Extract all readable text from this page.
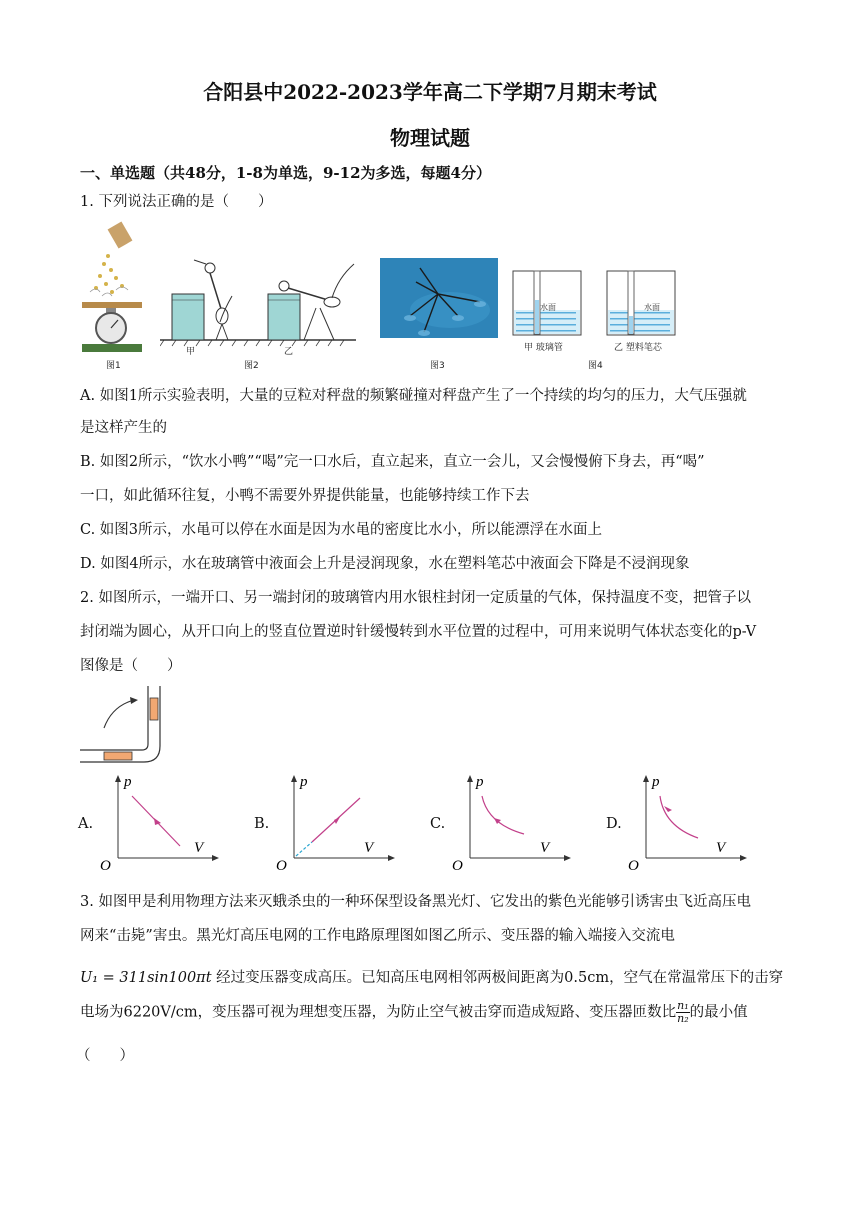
合阳县中2022-2023学年高二下学期7月期末考试
物理试题
一、单选题（共48分，1-8为单选，9-12为多选，每题4分）
1. 下列说法正确的是（　　）
图1
甲	乙
图2	图3
水面
甲 玻璃管
水面
乙 塑料笔芯
图4
A. 如图1所示实验表明，大量的豆粒对秤盘的频繁碰撞对秤盘产生了一个持续的均匀的压力，大气压强就
是这样产生的
B. 如图2所示，“饮水小鸭”“喝”完一口水后，直立起来，直立一会儿，又会慢慢俯下身去，再“喝”
一口，如此循环往复，小鸭不需要外界提供能量，也能够持续工作下去
C. 如图3所示，水黾可以停在水面是因为水黾的密度比水小，所以能漂浮在水面上
D. 如图4所示，水在玻璃管中液面会上升是浸润现象，水在塑料笔芯中液面会下降是不浸润现象
2. 如图所示，一端开口、另一端封闭的玻璃管内用水银柱封闭一定质量的气体，保持温度不变，把管子以
封闭端为圆心，从开口向上的竖直位置逆时针缓慢转到水平位置的过程中，可用来说明气体状态变化的p-V
图像是（　　）
A.
p
V
O
B.
p
V
O
C.
p
V
O
D.
p
V
O
3. 如图甲是利用物理方法来灭蛾杀虫的一种环保型设备黑光灯、它发出的紫色光能够引诱害虫飞近高压电
网来“击毙”害虫。黑光灯高压电网的工作电路原理图如图乙所示、变压器的输入端接入交流电
U₁ = 311sin100πt 经过变压器变成高压。已知高压电网相邻两极间距离为0.5cm，空气在常温常压下的击穿
电场为6220V/cm，变压器可视为理想变压器，为防止空气被击穿而造成短路、变压器匝数比 $\frac{\text{n₁}}{\text{n₂}}$ 的最小值
（　　）
